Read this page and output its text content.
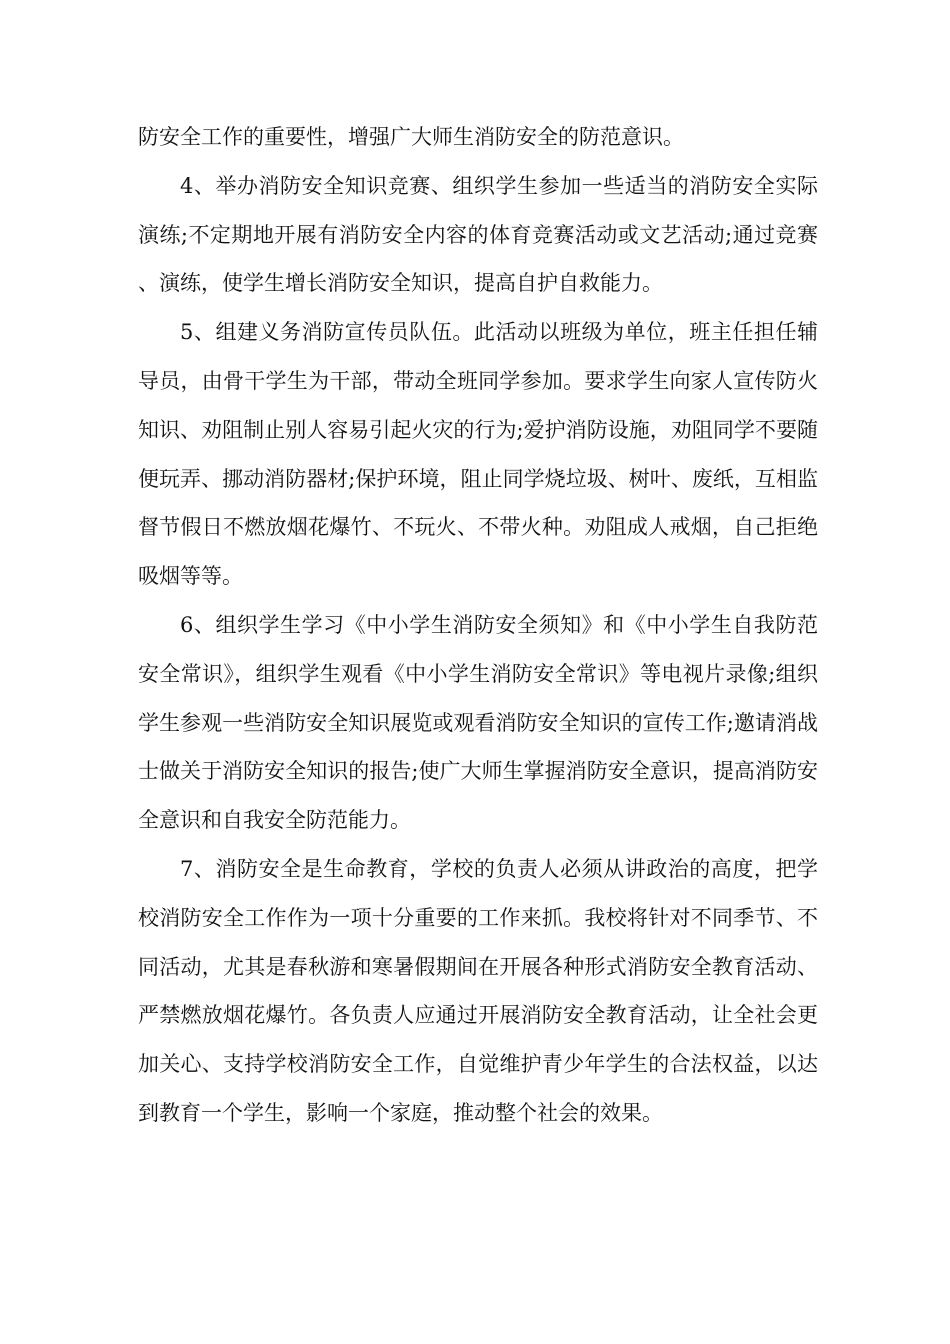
防安全工作的重要性，增强广大师生消防安全的防范意识。

4、举办消防安全知识竞赛、组织学生参加一些适当的消防安全实际演练;不定期地开展有消防安全内容的体育竞赛活动或文艺活动;通过竞赛、演练，使学生增长消防安全知识，提高自护自救能力。

5、组建义务消防宣传员队伍。此活动以班级为单位，班主任担任辅导员，由骨干学生为干部，带动全班同学参加。要求学生向家人宣传防火知识、劝阻制止别人容易引起火灾的行为;爱护消防设施，劝阻同学不要随便玩弄、挪动消防器材;保护环境，阻止同学烧垃圾、树叶、废纸，互相监督节假日不燃放烟花爆竹、不玩火、不带火种。劝阻成人戒烟，自己拒绝吸烟等等。

6、组织学生学习《中小学生消防安全须知》和《中小学生自我防范安全常识》，组织学生观看《中小学生消防安全常识》等电视片录像;组织学生参观一些消防安全知识展览或观看消防安全知识的宣传工作;邀请消战士做关于消防安全知识的报告;使广大师生掌握消防安全意识，提高消防安全意识和自我安全防范能力。

7、消防安全是生命教育，学校的负责人必须从讲政治的高度，把学校消防安全工作作为一项十分重要的工作来抓。我校将针对不同季节、不同活动，尤其是春秋游和寒暑假期间在开展各种形式消防安全教育活动、严禁燃放烟花爆竹。各负责人应通过开展消防安全教育活动，让全社会更加关心、支持学校消防安全工作，自觉维护青少年学生的合法权益，以达到教育一个学生，影响一个家庭，推动整个社会的效果。
